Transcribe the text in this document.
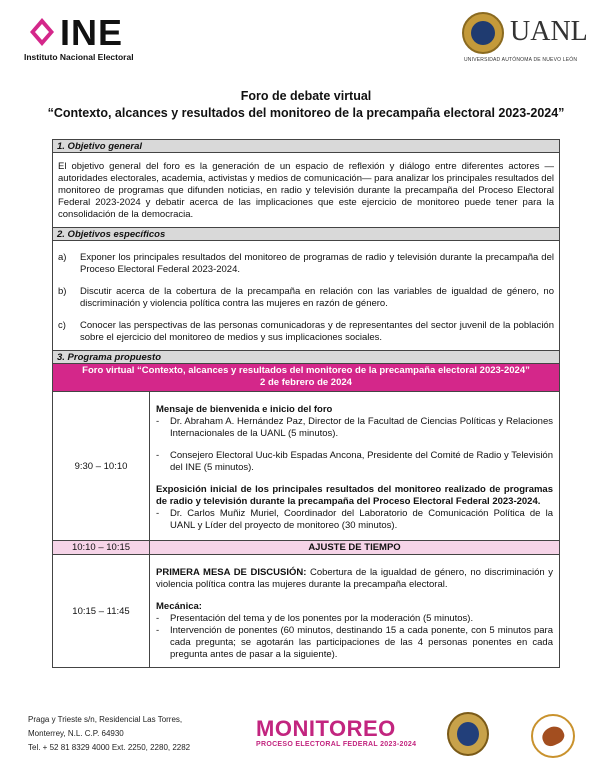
INE
Instituto Nacional Electoral
UANL
UNIVERSIDAD AUTÓNOMA DE NUEVO LEÓN
Foro de debate virtual
“Contexto, alcances y resultados del monitoreo de la precampaña electoral 2023-2024”
1. Objetivo general
El objetivo general del foro es la generación de un espacio de reflexión y diálogo entre diferentes actores —autoridades electorales, academia, activistas y medios de comunicación— para analizar los principales resultados del monitoreo de programas que difunden noticias, en radio y televisión durante la precampaña del Proceso Electoral Federal 2023-2024 y debatir acerca de las implicaciones que este ejercicio de monitoreo puede tener para la consolidación de la democracia.
2. Objetivos específicos
a)	Exponer los principales resultados del monitoreo de programas de radio y televisión durante la precampaña del Proceso Electoral Federal 2023-2024.
b)	Discutir acerca de la cobertura de la precampaña en relación con las variables de igualdad de género, no discriminación y violencia política contra las mujeres en razón de género.
c)	Conocer las perspectivas de las personas comunicadoras y de representantes del sector juvenil de la población sobre el ejercicio del monitoreo de medios y sus implicaciones sociales.
3. Programa propuesto
Foro virtual “Contexto, alcances y resultados del monitoreo de la precampaña electoral 2023-2024”
2 de febrero de 2024
9:30 – 10:10
Mensaje de bienvenida e inicio del foro
-	Dr. Abraham A. Hernández Paz, Director de la Facultad de Ciencias Políticas y Relaciones Internacionales de la UANL (5 minutos).
-	Consejero Electoral Uuc-kib Espadas Ancona, Presidente del Comité de Radio y Televisión del INE (5 minutos).
Exposición inicial de los principales resultados del monitoreo realizado de programas de radio y televisión durante la precampaña del Proceso Electoral Federal 2023-2024.
-	Dr. Carlos Muñiz Muriel, Coordinador del Laboratorio de Comunicación Política de la UANL y Líder del proyecto de monitoreo (30 minutos).
10:10 – 10:15	AJUSTE DE TIEMPO
10:15 – 11:45
PRIMERA MESA DE DISCUSIÓN: Cobertura de la igualdad de género, no discriminación y violencia política contra las mujeres durante la precampaña electoral.
Mecánica:
-	Presentación del tema y de los ponentes por la moderación (5 minutos).
-	Intervención de ponentes (60 minutos, destinando 15 a cada ponente, con 5 minutos para cada pregunta; se agotarán las participaciones de las 4 personas ponentes en cada pregunta antes de pasar a la siguiente).
Praga y Trieste s/n, Residencial Las Torres,
Monterrey, N.L. C.P. 64930
Tel. + 52 81 8329 4000 Ext. 2250, 2280, 2282
MONITOREO
PROCESO ELECTORAL FEDERAL 2023-2024
